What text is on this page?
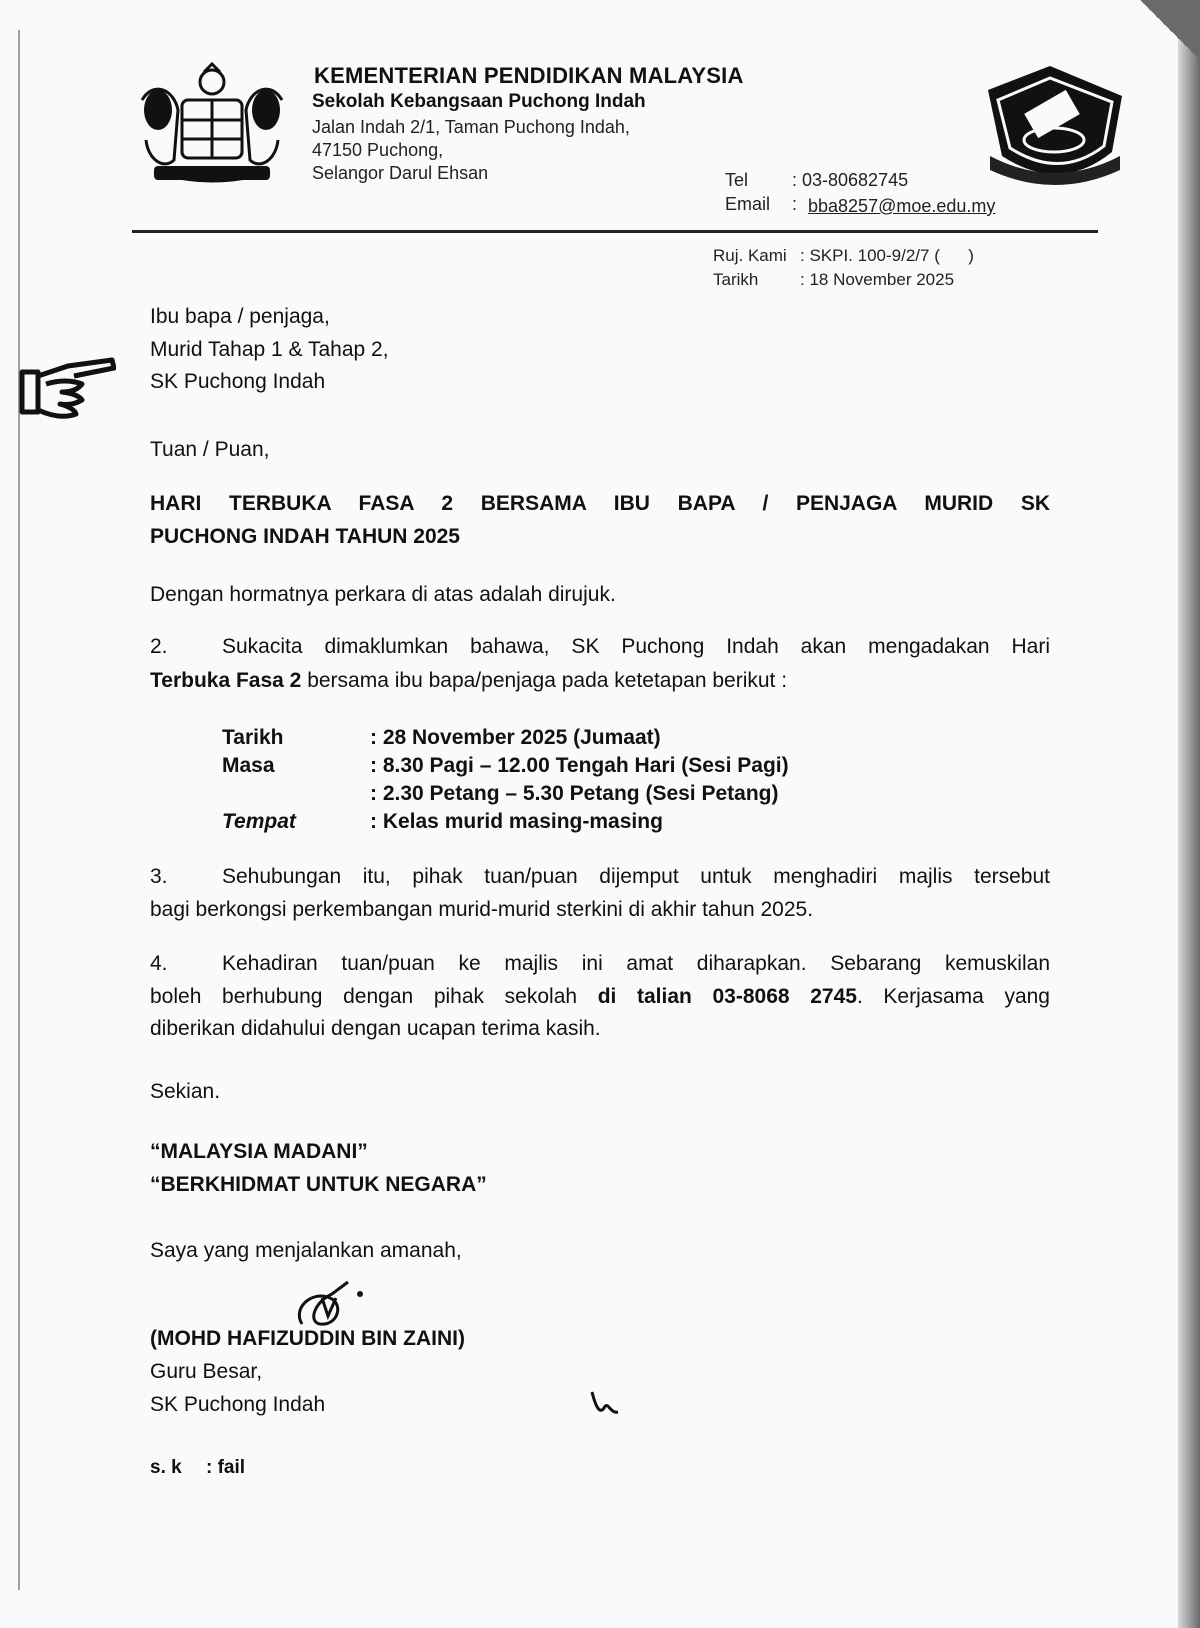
KEMENTERIAN PENDIDIKAN MALAYSIA
Sekolah Kebangsaan Puchong Indah
Jalan Indah 2/1, Taman Puchong Indah,
47150 Puchong,
Selangor Darul Ehsan	Tel : 03-80682745
Email : bba8257@moe.edu.my
Ruj. Kami : SKPI. 100-9/2/7 (      )
Tarikh : 18 November 2025
Ibu bapa / penjaga,
Murid Tahap 1 & Tahap 2,
SK Puchong Indah
Tuan / Puan,
HARI TERBUKA FASA 2 BERSAMA IBU BAPA / PENJAGA MURID SK
PUCHONG INDAH TAHUN 2025
Dengan hormatnya perkara di atas adalah dirujuk.
2.	Sukacita dimaklumkan bahawa, SK Puchong Indah akan mengadakan Hari
Terbuka Fasa 2 bersama ibu bapa/penjaga pada ketetapan berikut :
Tarikh	: 28 November 2025 (Jumaat)
Masa	: 8.30 Pagi – 12.00 Tengah Hari (Sesi Pagi)
: 2.30 Petang – 5.30 Petang (Sesi Petang)
Tempat	: Kelas murid masing-masing
3.	Sehubungan itu, pihak tuan/puan dijemput untuk menghadiri majlis tersebut
bagi berkongsi perkembangan murid-murid sterkini di akhir tahun 2025.
4.	Kehadiran tuan/puan ke majlis ini amat diharapkan. Sebarang kemuskilan
boleh berhubung dengan pihak sekolah di talian 03-8068 2745. Kerjasama yang
diberikan didahului dengan ucapan terima kasih.
Sekian.
“MALAYSIA MADANI”
“BERKHIDMAT UNTUK NEGARA”
Saya yang menjalankan amanah,
(MOHD HAFIZUDDIN BIN ZAINI)
Guru Besar,
SK Puchong Indah
s. k : fail
